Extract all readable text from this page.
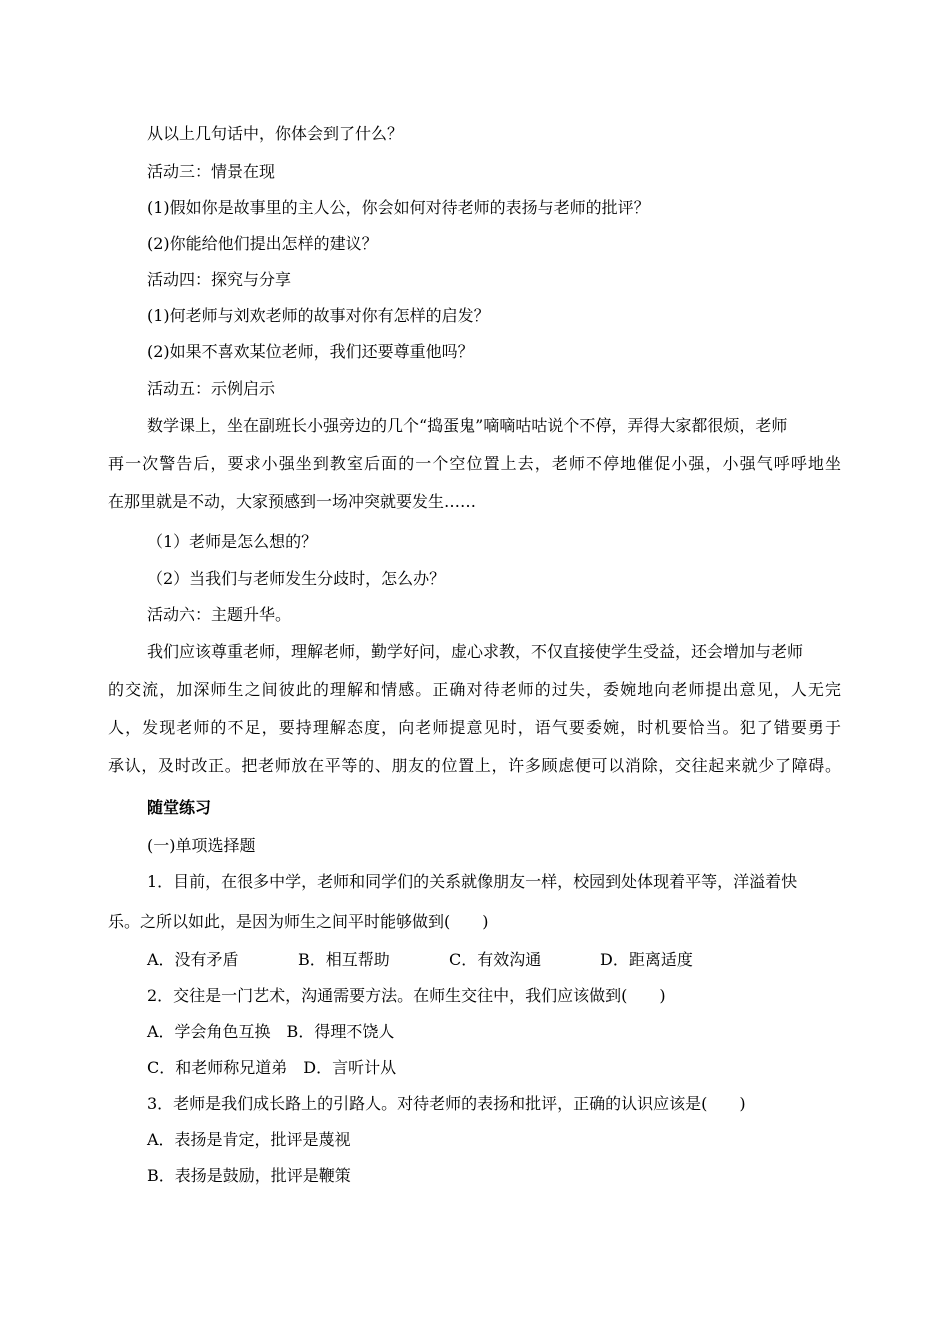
从以上几句话中，你体会到了什么？
活动三：情景在现
(1)假如你是故事里的主人公，你会如何对待老师的表扬与老师的批评？
(2)你能给他们提出怎样的建议？
活动四：探究与分享
(1)何老师与刘欢老师的故事对你有怎样的启发？
(2)如果不喜欢某位老师，我们还要尊重他吗？
活动五：示例启示
数学课上，坐在副班长小强旁边的几个“捣蛋鬼”嘀嘀咕咕说个不停，弄得大家都很烦，老师
再一次警告后，要求小强坐到教室后面的一个空位置上去，老师不停地催促小强，小强气呼呼地坐
在那里就是不动，大家预感到一场冲突就要发生……
（1）老师是怎么想的？
（2）当我们与老师发生分歧时，怎么办？
活动六：主题升华。
我们应该尊重老师，理解老师，勤学好问，虚心求教，不仅直接使学生受益，还会增加与老师
的交流，加深师生之间彼此的理解和情感。正确对待老师的过失，委婉地向老师提出意见，人无完
人，发现老师的不足，要持理解态度，向老师提意见时，语气要委婉，时机要恰当。犯了错要勇于
承认，及时改正。把老师放在平等的、朋友的位置上，许多顾虑便可以消除，交往起来就少了障碍。
随堂练习
(一)单项选择题
1．目前，在很多中学，老师和同学们的关系就像朋友一样，校园到处体现着平等，洋溢着快
乐。之所以如此，是因为师生之间平时能够做到(　　)
A．没有矛盾	B．相互帮助	C．有效沟通	D．距离适度
2．交往是一门艺术，沟通需要方法。在师生交往中，我们应该做到(　　)
A．学会角色互换　B．得理不饶人
C．和老师称兄道弟　D．言听计从
3．老师是我们成长路上的引路人。对待老师的表扬和批评，正确的认识应该是(　　)
A．表扬是肯定，批评是蔑视
B．表扬是鼓励，批评是鞭策
